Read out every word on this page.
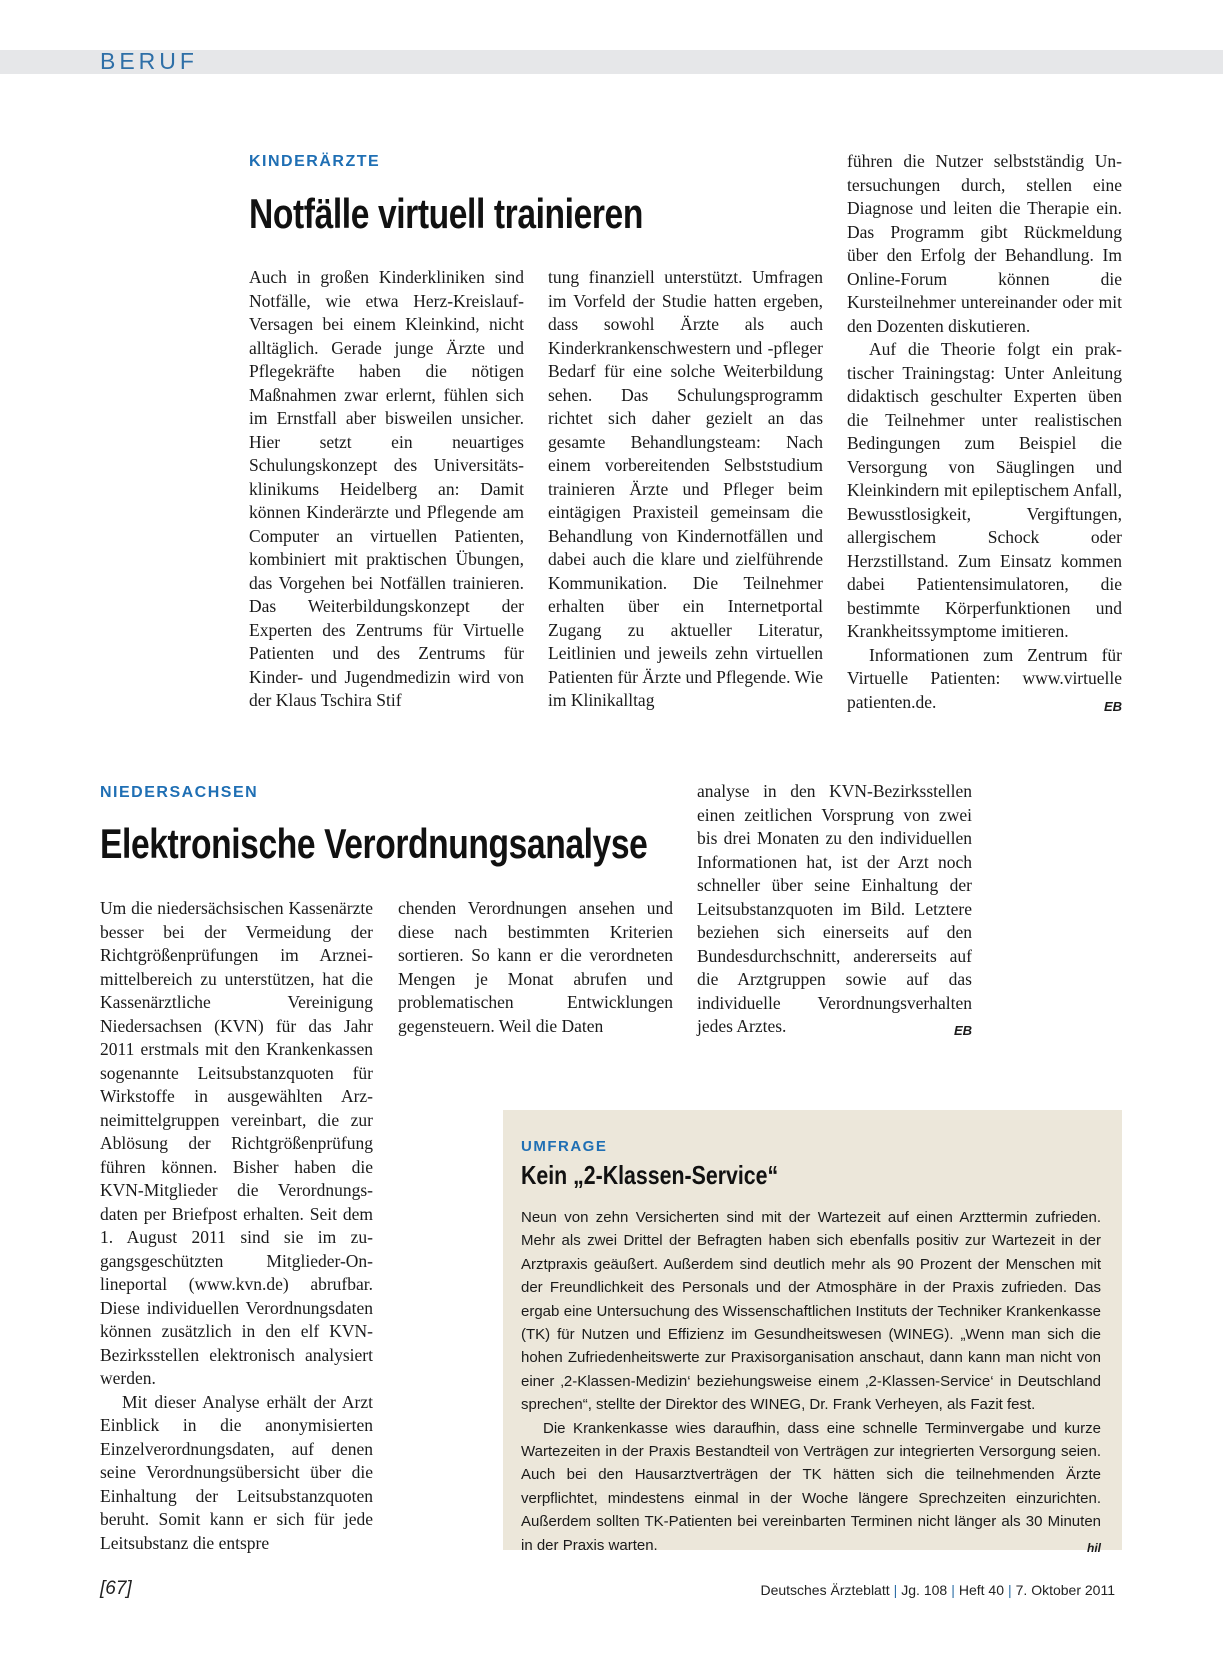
BERUF
KINDERÄRZTE
Notfälle virtuell trainieren

Auch in großen Kinderkliniken sind Notfälle, wie etwa Herz-Kreislauf-Versagen bei einem Kleinkind, nicht alltäglich. Gerade junge Ärzte und Pflegekräfte haben die nötigen Maßnahmen zwar erlernt, fühlen sich im Ernstfall aber bisweilen unsicher. Hier setzt ein neuartiges Schulungskonzept des Universitätsklinikums Heidelberg an: Damit können Kinderärzte und Pflegende am Computer an virtuellen Patienten, kombiniert mit praktischen Übungen, das Vorgehen bei Notfällen trainieren. Das Weiterbildungskonzept der Experten des Zentrums für Virtuelle Patienten und des Zentrums für Kinder- und Jugendmedizin wird von der Klaus Tschira Stif

tung finanziell unterstützt. Umfragen im Vorfeld der Studie hatten ergeben, dass sowohl Ärzte als auch Kinderkrankenschwestern und -pfleger Bedarf für eine solche Weiterbildung sehen. Das Schulungsprogramm richtet sich daher gezielt an das gesamte Behandlungsteam: Nach einem vorbereitenden Selbststudium trainieren Ärzte und Pfleger beim eintägigen Praxisteil gemeinsam die Behandlung von Kindernotfällen und dabei auch die klare und zielführende Kommunikation. Die Teilnehmer erhalten über ein Internetportal Zugang zu aktueller Literatur, Leitlinien und jeweils zehn virtuellen Patienten für Ärzte und Pflegende. Wie im Klinikalltag

führen die Nutzer selbstständig Untersuchungen durch, stellen eine Diagnose und leiten die Therapie ein. Das Programm gibt Rückmeldung über den Erfolg der Behandlung. Im Online-Forum können die Kursteilnehmer untereinander oder mit den Dozenten diskutieren.

Auf die Theorie folgt ein praktischer Trainingstag: Unter Anleitung didaktisch geschulter Experten üben die Teilnehmer unter realistischen Bedingungen zum Beispiel die Versorgung von Säuglingen und Kleinkindern mit epileptischem Anfall, Bewusstlosigkeit, Vergiftungen, allergischem Schock oder Herzstillstand. Zum Einsatz kommen dabei Patientensimulatoren, die bestimmte Körperfunktionen und Krankheitssymptome imitieren.

Informationen zum Zentrum für Virtuelle Patienten: www.virtuelle patienten.de.	EB

NIEDERSACHSEN
Elektronische Verordnungsanalyse

Um die niedersächsischen Kassenärzte besser bei der Vermeidung der Richtgrößenprüfungen im Arzneimittelbereich zu unterstützen, hat die Kassenärztliche Vereinigung Niedersachsen (KVN) für das Jahr 2011 erstmals mit den Krankenkassen sogenannte Leitsubstanzquoten für Wirkstoffe in ausgewählten Arzneimittelgruppen vereinbart, die zur Ablösung der Richtgrößenprüfung führen können. Bisher haben die KVN-Mitglieder die Verordnungsdaten per Briefpost erhalten. Seit dem 1. August 2011 sind sie im zugangsgeschützten Mitglieder-Onlineportal (www.kvn.de) abrufbar. Diese individuellen Verordnungsdaten können zusätzlich in den elf KVN-Bezirksstellen elektronisch analysiert werden.

Mit dieser Analyse erhält der Arzt Einblick in die anonymisierten Einzelverordnungsdaten, auf denen seine Verordnungsübersicht über die Einhaltung der Leitsubstanzquoten beruht. Somit kann er sich für jede Leitsubstanz die entspre

chenden Verordnungen ansehen und diese nach bestimmten Kriterien sortieren. So kann er die verordneten Mengen je Monat abrufen und problematischen Entwicklungen gegensteuern. Weil die Daten

analyse in den KVN-Bezirksstellen einen zeitlichen Vorsprung von zwei bis drei Monaten zu den individuellen Informationen hat, ist der Arzt noch schneller über seine Einhaltung der Leitsubstanzquoten im Bild. Letztere beziehen sich einerseits auf den Bundesdurchschnitt, andererseits auf die Arztgruppen sowie auf das individuelle Verordnungsverhalten jedes Arztes.	EB

UMFRAGE
Kein „2-Klassen-Service“

Neun von zehn Versicherten sind mit der Wartezeit auf einen Arzttermin zufrieden. Mehr als zwei Drittel der Befragten haben sich ebenfalls positiv zur Wartezeit in der Arztpraxis geäußert. Außerdem sind deutlich mehr als 90 Prozent der Menschen mit der Freundlichkeit des Personals und der Atmosphäre in der Praxis zufrieden. Das ergab eine Untersuchung des Wissenschaftlichen Instituts der Techniker Krankenkasse (TK) für Nutzen und Effizienz im Gesundheitswesen (WINEG). „Wenn man sich die hohen Zufriedenheitswerte zur Praxisorganisation anschaut, dann kann man nicht von einer ‚2-Klassen-Medizin‘ beziehungsweise einem ‚2-Klassen-Service‘ in Deutschland sprechen“, stellte der Direktor des WINEG, Dr. Frank Verheyen, als Fazit fest.

Die Krankenkasse wies daraufhin, dass eine schnelle Terminvergabe und kurze Wartezeiten in der Praxis Bestandteil von Verträgen zur integrierten Versorgung seien. Auch bei den Hausarztverträgen der TK hätten sich die teilnehmenden Ärzte verpflichtet, mindestens einmal in der Woche längere Sprechzeiten einzurichten. Außerdem sollten TK-Patienten bei vereinbarten Terminen nicht länger als 30 Minuten in der Praxis warten.	hil

[67]	Deutsches Ärzteblatt | Jg. 108 | Heft 40 | 7. Oktober 2011
